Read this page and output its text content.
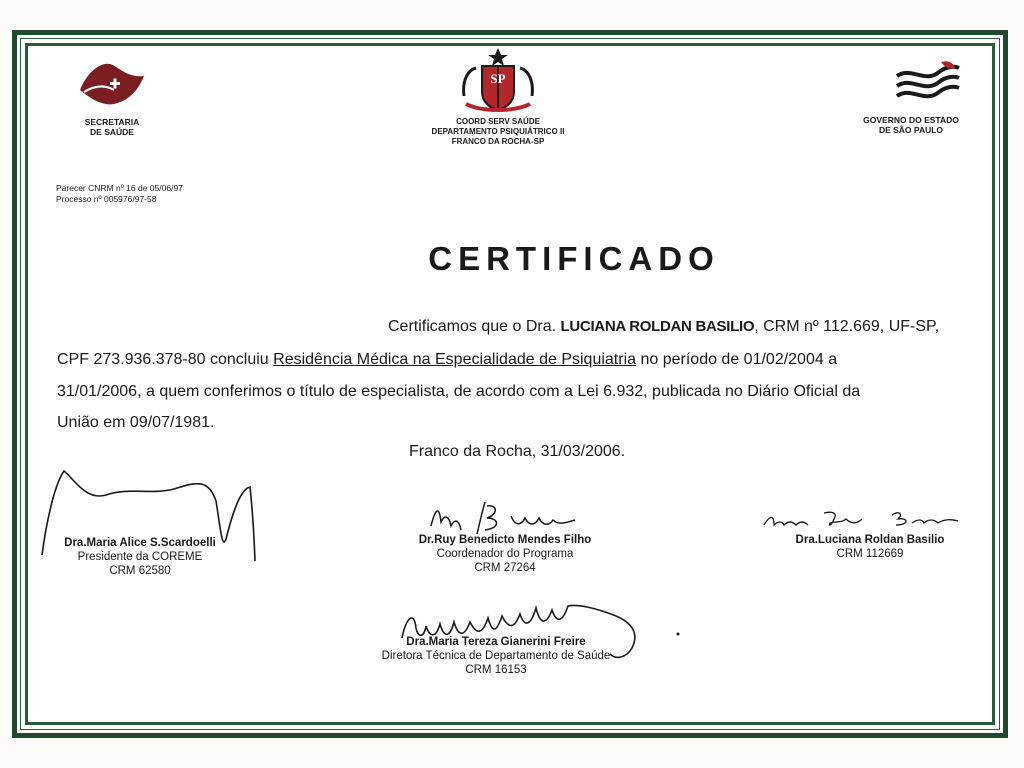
SECRETARIA
DE SAÚDE
SP
COORD SERV SAÚDE
DEPARTAMENTO PSIQUIÁTRICO II
FRANCO DA ROCHA-SP
GOVERNO DO ESTADO
DE SÃO PAULO
Parecer CNRM nº 16 de 05/06/97
Processo nº 005976/97-58
CERTIFICADO
Certificamos que o Dra. LUCIANA ROLDAN BASILIO, CRM nº 112.669, UF-SP,
CPF 273.936.378-80 concluiu Residência Médica na Especialidade de Psiquiatria no período de 01/02/2004 a
31/01/2006, a quem conferimos o título de especialista, de acordo com a Lei 6.932, publicada no Diário Oficial da
União em 09/07/1981.
Franco da Rocha, 31/03/2006.
Dra.Maria Alice S.Scardoelli
Presidente da COREME
CRM 62580
Dr.Ruy Benedicto Mendes Filho
Coordenador do Programa
CRM 27264
Dra.Luciana Roldan Basilio
CRM 112669
Dra.Maria Tereza Gianerini Freire
Diretora Técnica de Departamento de Saúde
CRM 16153
